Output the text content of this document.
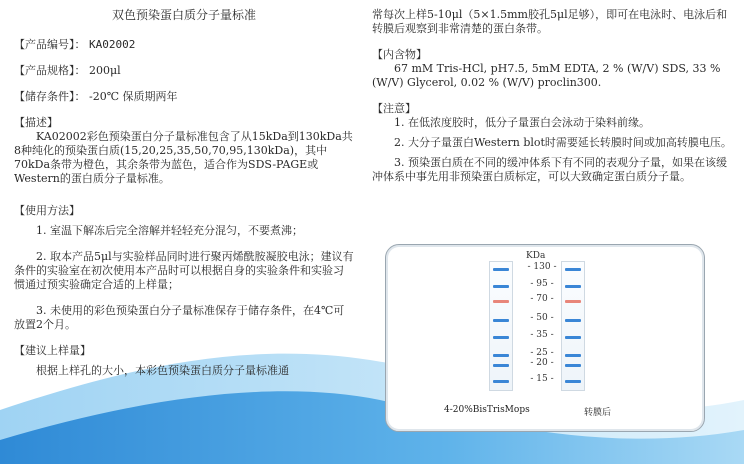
双色预染蛋白质分子量标准
【产品编号】： KA02002
【产品规格】： 200μl
【储存条件】： -20℃ 保质期两年
【描述】
KA02002彩色预染蛋白分子量标准包含了从15kDa到130kDa共8种纯化的预染蛋白质(15,20,25,35,50,70,95,130kDa)，其中70kDa条带为橙色，其余条带为蓝色，适合作为SDS-PAGE或Western的蛋白质分子量标准。
【使用方法】
1. 室温下解冻后完全溶解并轻轻充分混匀，不要煮沸；
2. 取本产品5μl与实验样品同时进行聚丙烯酰胺凝胶电泳；建议有条件的实验室在初次使用本产品时可以根据自身的实验条件和实验习惯通过预实验确定合适的上样量；
3. 未使用的彩色预染蛋白分子量标准保存于储存条件，在4℃可放置2个月。
【建议上样量】
根据上样孔的大小，本彩色预染蛋白质分子量标准通
常每次上样5-10μl（5×1.5mm胶孔5μl足够），即可在电泳时、电泳后和转膜后观察到非常清楚的蛋白条带。
【内含物】
67 mM Tris-HCl, pH7.5, 5mM EDTA, 2 % (W/V) SDS, 33 % (W/V) Glycerol, 0.02 % (W/V) proclin300.
【注意】
1. 在低浓度胶时，低分子量蛋白会泳动于染料前缘。
2. 大分子量蛋白Western blot时需要延长转膜时间或加高转膜电压。
3. 预染蛋白质在不同的缓冲体系下有不同的表观分子量，如果在该缓冲体系中事先用非预染蛋白质标定，可以大致确定蛋白质分子量。
KDa
- 130 -
- 95 -
- 70 -
- 50 -
- 35 -
- 25 -
- 20 -
- 15 -
4-20%BisTrisMops	转膜后
